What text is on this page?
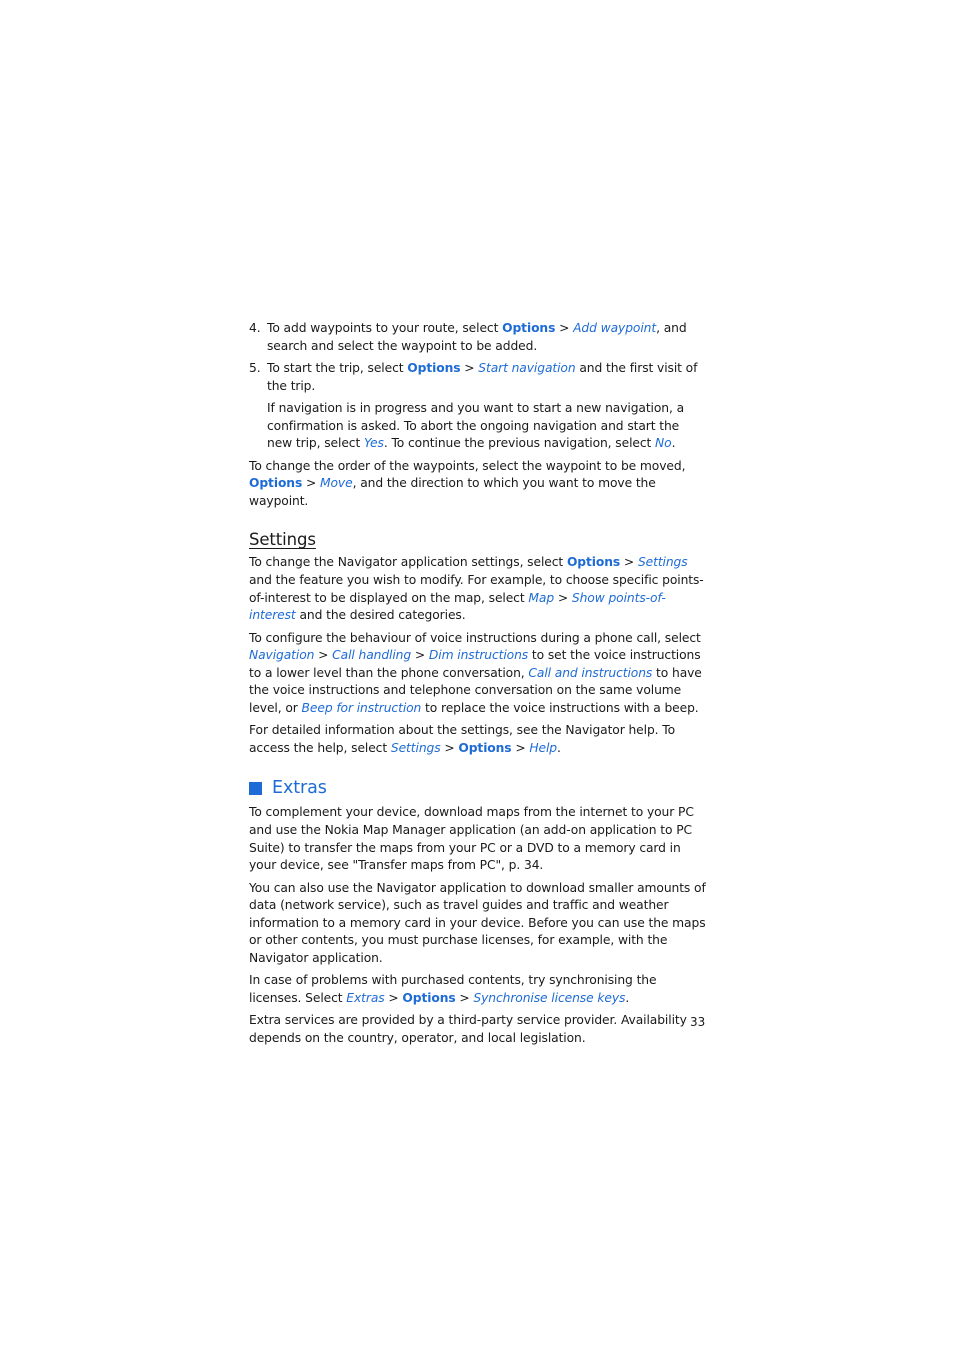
4. To add waypoints to your route, select Options > Add waypoint, and search and select the waypoint to be added.
5. To start the trip, select Options > Start navigation and the first visit of the trip.
If navigation is in progress and you want to start a new navigation, a confirmation is asked. To abort the ongoing navigation and start the new trip, select Yes. To continue the previous navigation, select No.

To change the order of the waypoints, select the waypoint to be moved, Options > Move, and the direction to which you want to move the waypoint.

Settings

To change the Navigator application settings, select Options > Settings and the feature you wish to modify. For example, to choose specific points-of-interest to be displayed on the map, select Map > Show points-of-interest and the desired categories.

To configure the behaviour of voice instructions during a phone call, select Navigation > Call handling > Dim instructions to set the voice instructions to a lower level than the phone conversation, Call and instructions to have the voice instructions and telephone conversation on the same volume level, or Beep for instruction to replace the voice instructions with a beep.

For detailed information about the settings, see the Navigator help. To access the help, select Settings > Options > Help.

Extras

To complement your device, download maps from the internet to your PC and use the Nokia Map Manager application (an add-on application to PC Suite) to transfer the maps from your PC or a DVD to a memory card in your device, see "Transfer maps from PC", p. 34.

You can also use the Navigator application to download smaller amounts of data (network service), such as travel guides and traffic and weather information to a memory card in your device. Before you can use the maps or other contents, you must purchase licenses, for example, with the Navigator application.

In case of problems with purchased contents, try synchronising the licenses. Select Extras > Options > Synchronise license keys.

Extra services are provided by a third-party service provider. Availability depends on the country, operator, and local legislation.

33
